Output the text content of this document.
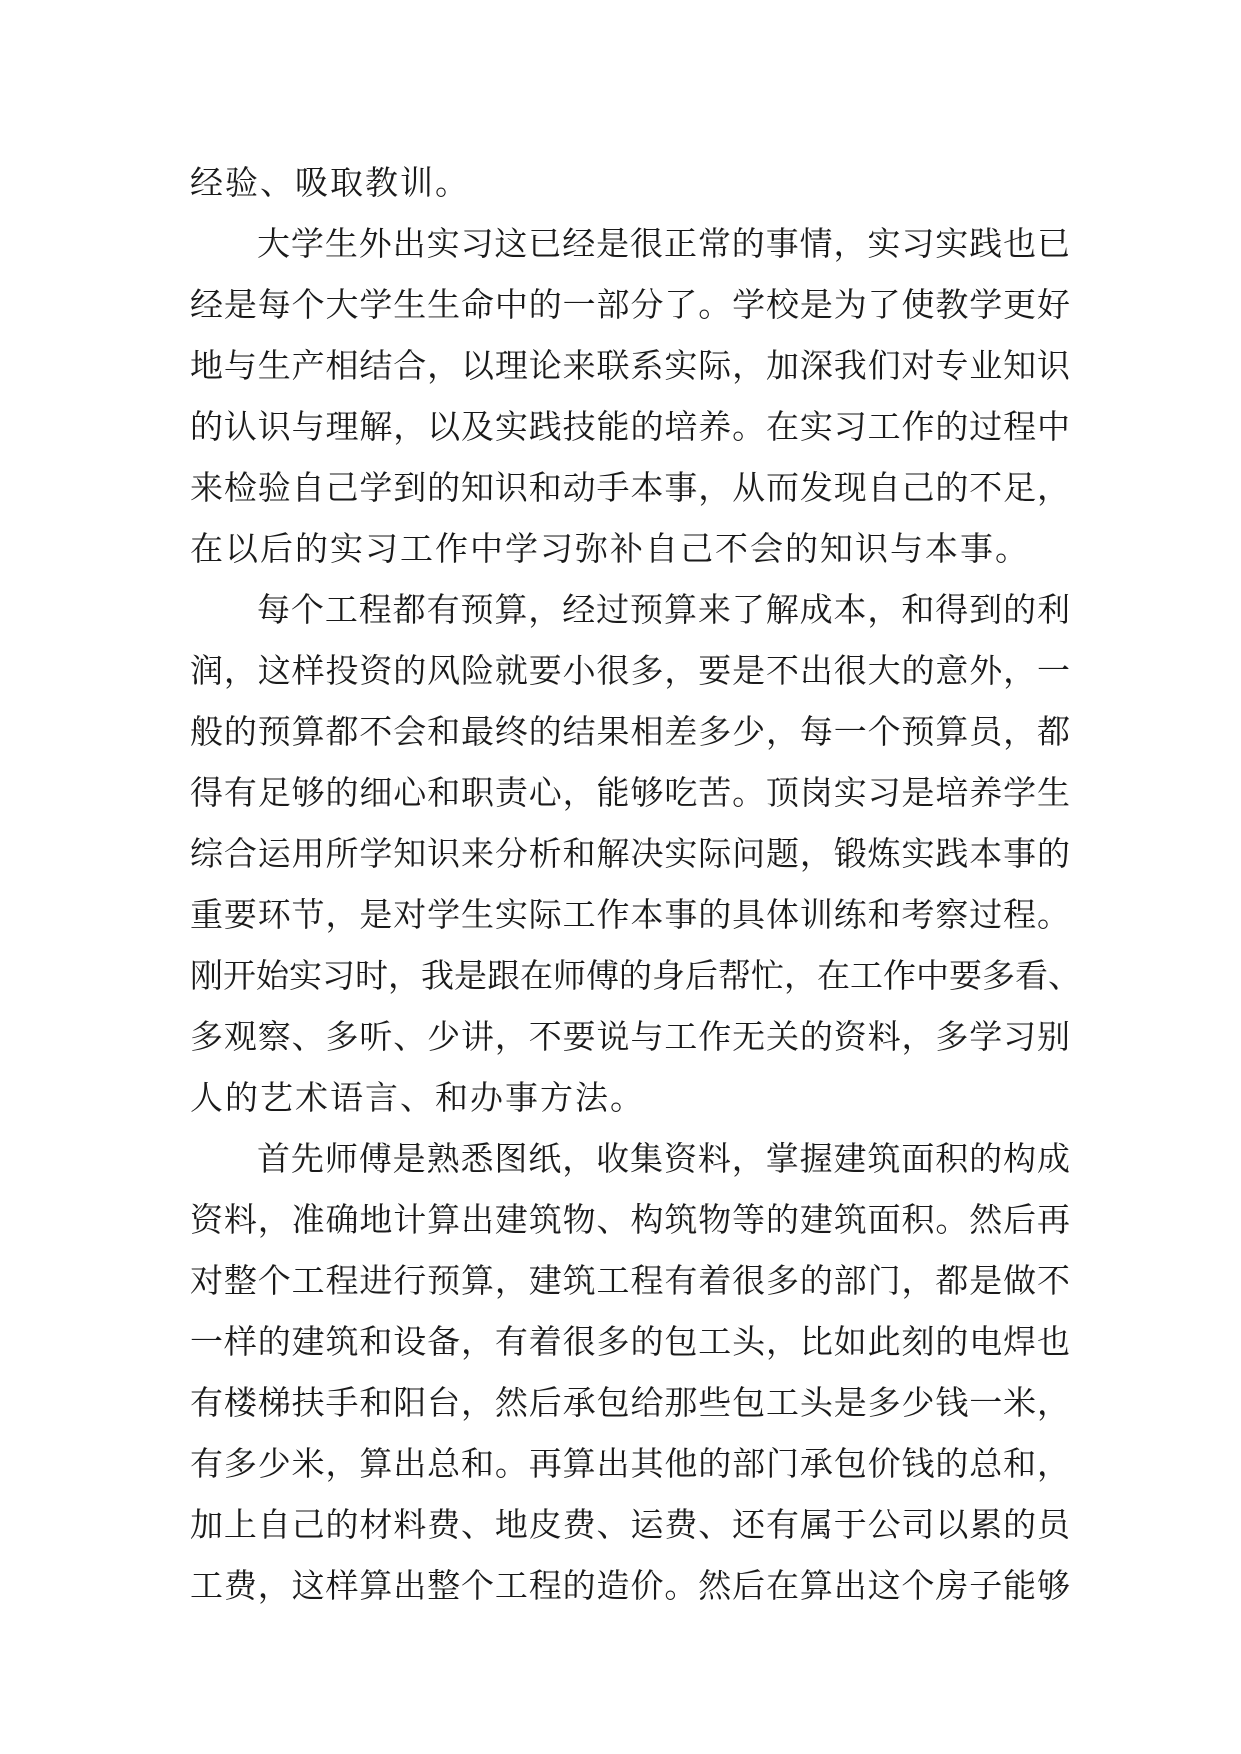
经验、吸取教训。
大学生外出实习这已经是很正常的事情，实习实践也已
经是每个大学生生命中的一部分了。学校是为了使教学更好
地与生产相结合，以理论来联系实际，加深我们对专业知识
的认识与理解，以及实践技能的培养。在实习工作的过程中
来检验自己学到的知识和动手本事，从而发现自己的不足，
在以后的实习工作中学习弥补自己不会的知识与本事。
每个工程都有预算，经过预算来了解成本，和得到的利
润，这样投资的风险就要小很多，要是不出很大的意外，一
般的预算都不会和最终的结果相差多少，每一个预算员，都
得有足够的细心和职责心，能够吃苦。顶岗实习是培养学生
综合运用所学知识来分析和解决实际问题，锻炼实践本事的
重要环节，是对学生实际工作本事的具体训练和考察过程。
刚开始实习时，我是跟在师傅的身后帮忙，在工作中要多看、
多观察、多听、少讲，不要说与工作无关的资料，多学习别
人的艺术语言、和办事方法。
首先师傅是熟悉图纸，收集资料，掌握建筑面积的构成
资料，准确地计算出建筑物、构筑物等的建筑面积。然后再
对整个工程进行预算，建筑工程有着很多的部门，都是做不
一样的建筑和设备，有着很多的包工头，比如此刻的电焊也
有楼梯扶手和阳台，然后承包给那些包工头是多少钱一米，
有多少米，算出总和。再算出其他的部门承包价钱的总和，
加上自己的材料费、地皮费、运费、还有属于公司以累的员
工费，这样算出整个工程的造价。然后在算出这个房子能够
